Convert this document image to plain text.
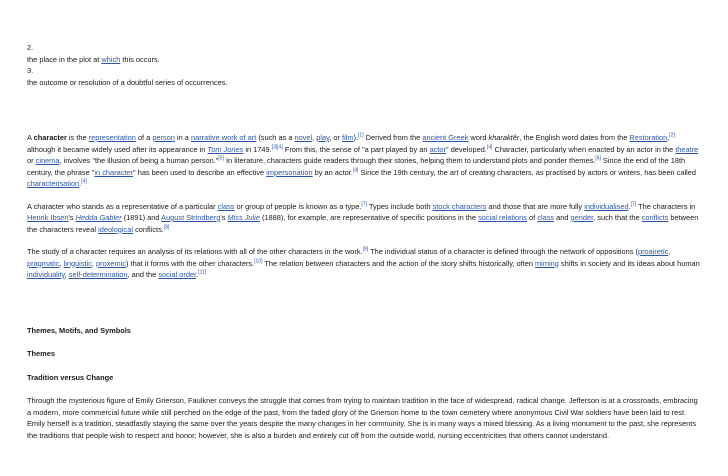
2.

the place in the plot at which this occurs.

3.

the outcome or resolution of a doubtful series of occurrences.

A character is the representation of a person in a narrative work of art (such as a novel, play, or film).[1] Derived from the ancient Greek word kharaktêr, the English word dates from the Restoration,[2] although it became widely used after its appearance in Tom Jones in 1749.[3][4] From this, the sense of "a part played by an actor" developed.[4] Character, particularly when enacted by an actor in the theatre or cinema, involves "the illusion of being a human person."[5] In literature, characters guide readers through their stories, helping them to understand plots and ponder themes.[6] Since the end of the 18th century, the phrase "in character" has been used to describe an effective impersonation by an actor.[4] Since the 19th century, the art of creating characters, as practised by actors or writers, has been called characterisation.[4]

A character who stands as a representative of a particular class or group of people is known as a type.[7] Types include both stock characters and those that are more fully individualised.[7] The characters in Henrik Ibsen's Hedda Gabler (1891) and August Strindberg's Miss Julie (1888), for example, are representative of specific positions in the social relations of class and gender, such that the conflicts between the characters reveal ideological conflicts.[8]

The study of a character requires an analysis of its relations with all of the other characters in the work.[9] The individual status of a character is defined through the network of oppositions (proairetic, pragmatic, linguistic, proxemic) that it forms with the other characters.[10] The relation between characters and the action of the story shifts historically, often miming shifts in society and its ideas about human individuality, self-determination, and the social order.[11]

Themes, Motifs, and Symbols

Themes

Tradition versus Change

Through the mysterious figure of Emily Grierson, Faulkner conveys the struggle that comes from trying to maintain tradition in the face of widespread, radical change. Jefferson is at a crossroads, embracing a modern, more commercial future while still perched on the edge of the past, from the faded glory of the Grierson home to the town cemetery where anonymous Civil War soldiers have been laid to rest. Emily herself is a tradition, steadfastly staying the same over the years despite the many changes in her community. She is in many ways a mixed blessing. As a living monument to the past, she represents the traditions that people wish to respect and honor; however, she is also a burden and entirely cut off from the outside world, nursing eccentricities that others cannot understand.
